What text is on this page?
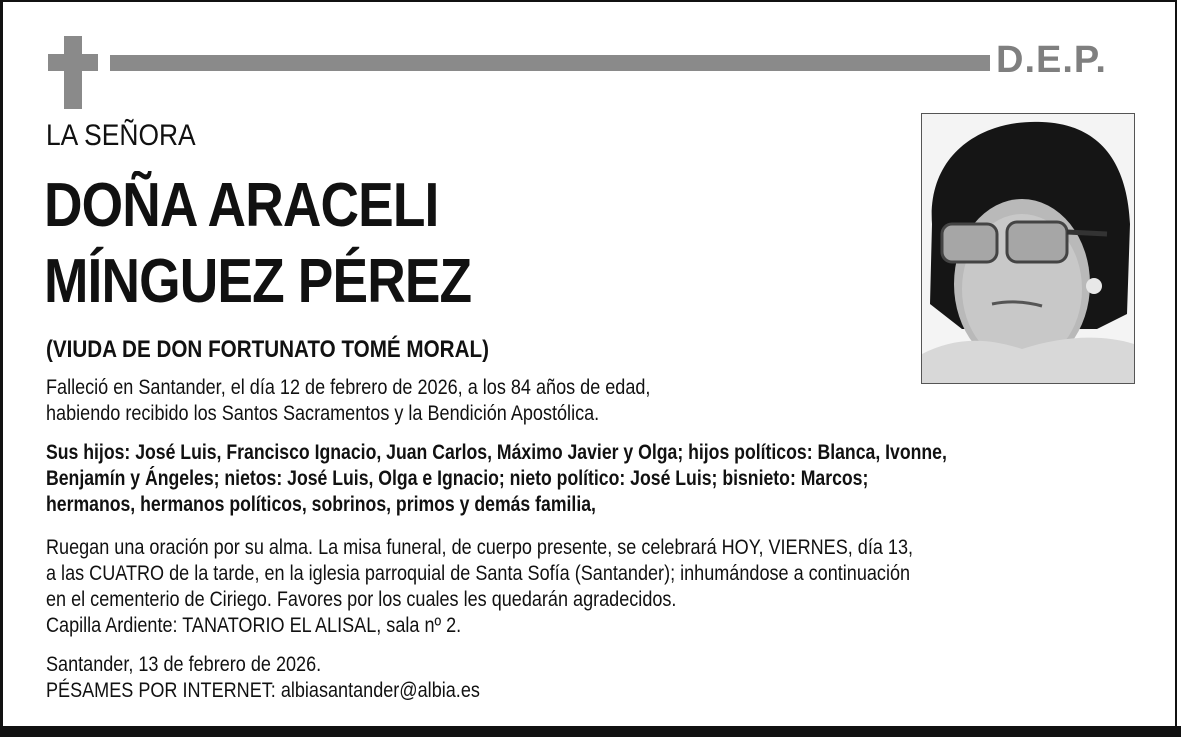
D.E.P.
LA SEÑORA
DOÑA ARACELI
MÍNGUEZ PÉREZ
(VIUDA DE DON FORTUNATO TOMÉ MORAL)
Falleció en Santander, el día 12 de febrero de 2026, a los 84 años de edad,
habiendo recibido los Santos Sacramentos y la Bendición Apostólica.
Sus hijos: José Luis, Francisco Ignacio, Juan Carlos, Máximo Javier y Olga; hijos políticos: Blanca, Ivonne,
Benjamín y Ángeles; nietos: José Luis, Olga e Ignacio; nieto político: José Luis; bisnieto: Marcos;
hermanos, hermanos políticos, sobrinos, primos y demás familia,
Ruegan una oración por su alma. La misa funeral, de cuerpo presente, se celebrará HOY, VIERNES, día 13,
a las CUATRO de la tarde, en la iglesia parroquial de Santa Sofía (Santander); inhumándose a continuación
en el cementerio de Ciriego. Favores por los cuales les quedarán agradecidos.
Capilla Ardiente: TANATORIO EL ALISAL, sala nº 2.
Santander, 13 de febrero de 2026.
PÉSAMES POR INTERNET: albiasantander@albia.es
